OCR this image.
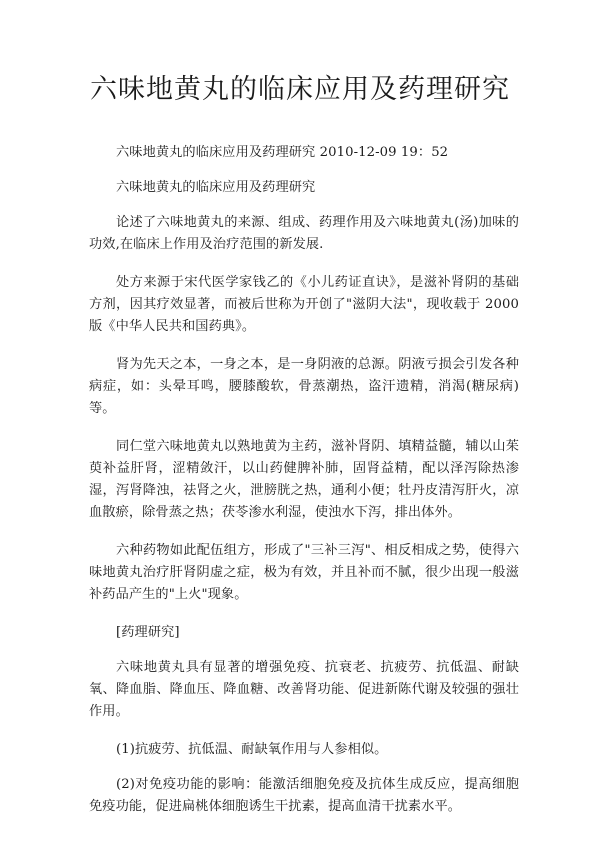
六味地黄丸的临床应用及药理研究

六味地黄丸的临床应用及药理研究 2010-12-09 19：52

六味地黄丸的临床应用及药理研究

论述了六味地黄丸的来源、组成、药理作用及六味地黄丸(汤)加味的功效,在临床上作用及治疗范围的新发展.

处方来源于宋代医学家钱乙的《小儿药证直诀》，是滋补肾阴的基础方剂，因其疗效显著，而被后世称为开创了"滋阴大法"，现收载于 2000 版《中华人民共和国药典》。

肾为先天之本，一身之本，是一身阴液的总源。阴液亏损会引发各种病症，如：头晕耳鸣，腰膝酸软，骨蒸潮热，盗汗遗精，消渴(糖尿病)等。

同仁堂六味地黄丸以熟地黄为主药，滋补肾阴、填精益髓，辅以山茱萸补益肝肾，涩精敛汗，以山药健脾补肺，固肾益精，配以泽泻除热渗湿，泻肾降浊，祛肾之火，泄膀胱之热，通利小便；牡丹皮清泻肝火，凉血散瘀，除骨蒸之热；茯苓渗水利湿，使浊水下泻，排出体外。

六种药物如此配伍组方，形成了"三补三泻"、相反相成之势，使得六味地黄丸治疗肝肾阴虚之症，极为有效，并且补而不腻，很少出现一般滋补药品产生的"上火"现象。

[药理研究]

六味地黄丸具有显著的增强免疫、抗衰老、抗疲劳、抗低温、耐缺氧、降血脂、降血压、降血糖、改善肾功能、促进新陈代谢及较强的强壮作用。

(1)抗疲劳、抗低温、耐缺氧作用与人参相似。

(2)对免疫功能的影响：能激活细胞免疫及抗体生成反应，提高细胞免疫功能，促进扁桃体细胞诱生干扰素，提高血清干扰素水平。
